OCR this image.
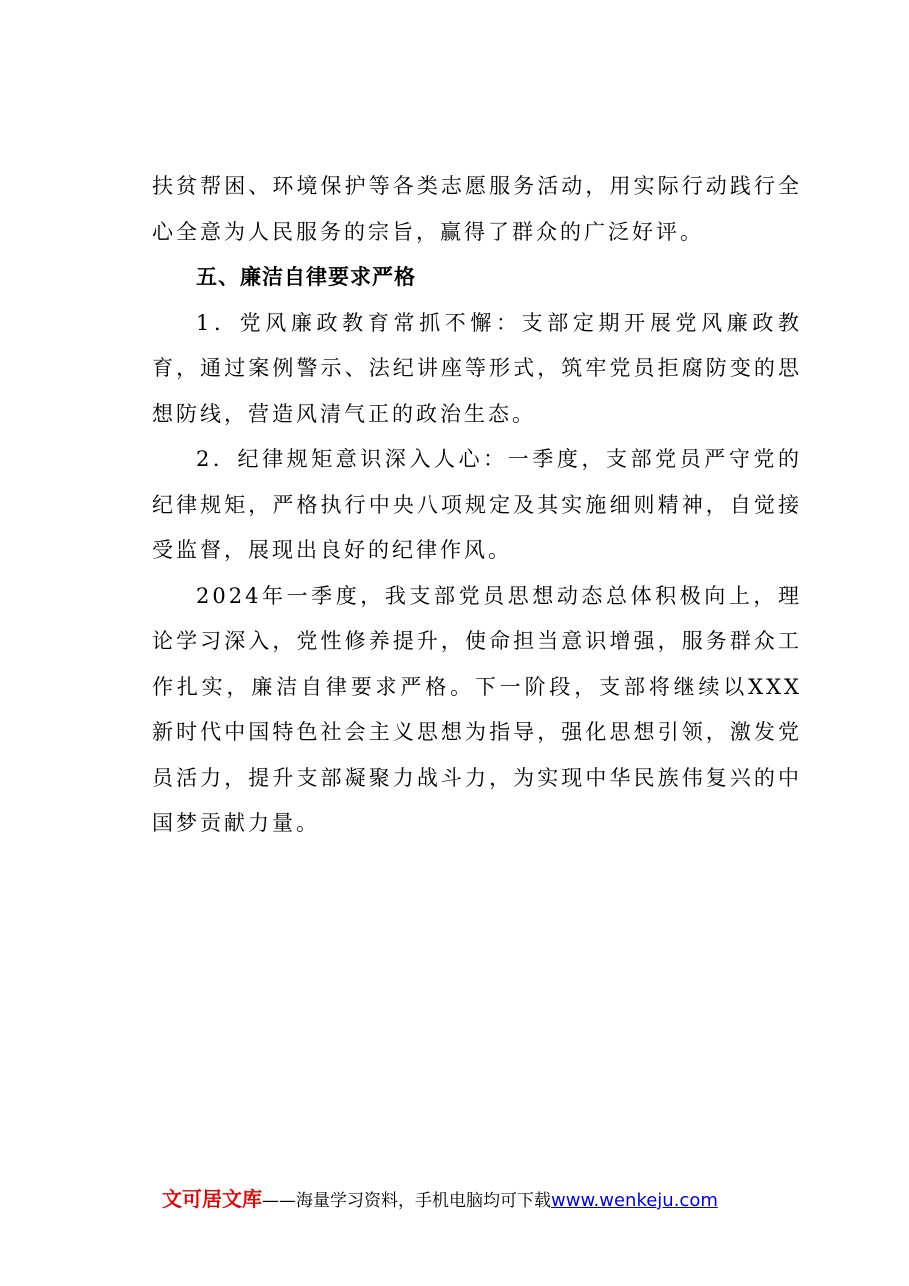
扶贫帮困、环境保护等各类志愿服务活动，用实际行动践行全心全意为人民服务的宗旨，赢得了群众的广泛好评。

五、廉洁自律要求严格

1．党风廉政教育常抓不懈：支部定期开展党风廉政教育，通过案例警示、法纪讲座等形式，筑牢党员拒腐防变的思想防线，营造风清气正的政治生态。

2．纪律规矩意识深入人心：一季度，支部党员严守党的纪律规矩，严格执行中央八项规定及其实施细则精神，自觉接受监督，展现出良好的纪律作风。

2024年一季度，我支部党员思想动态总体积极向上，理论学习深入，党性修养提升，使命担当意识增强，服务群众工作扎实，廉洁自律要求严格。下一阶段，支部将继续以XXX新时代中国特色社会主义思想为指导，强化思想引领，激发党员活力，提升支部凝聚力战斗力，为实现中华民族伟复兴的中国梦贡献力量。

文可居文库——海量学习资料，手机电脑均可下载www.wenkeju.com
